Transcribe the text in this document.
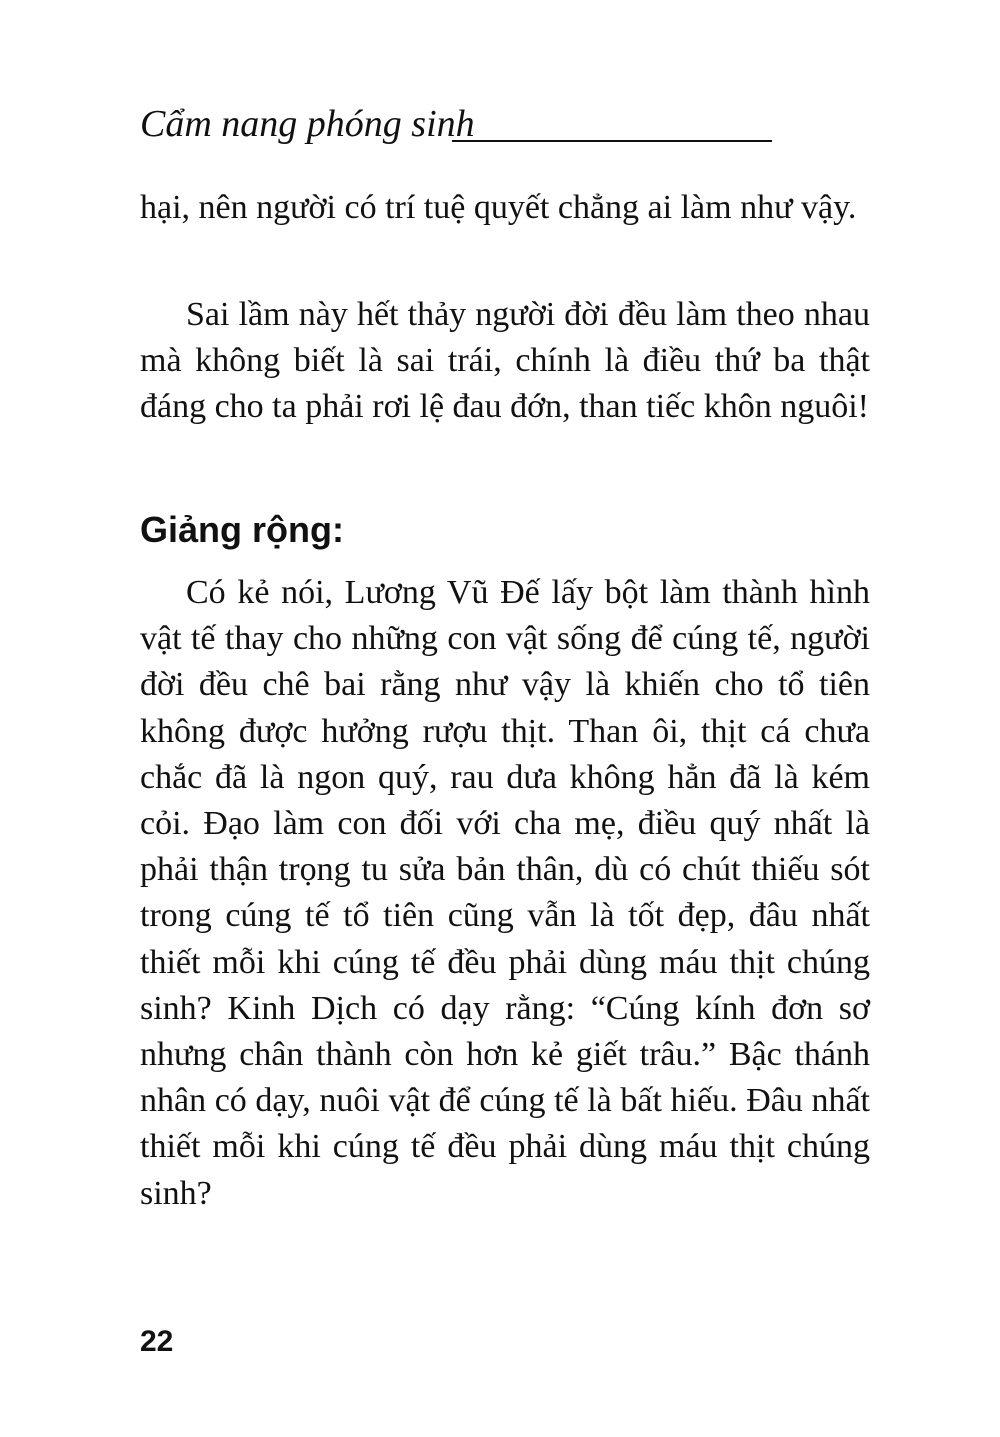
Cẩm nang phóng sinh

hại, nên người có trí tuệ quyết chẳng ai làm như vậy.

Sai lầm này hết thảy người đời đều làm theo nhau mà không biết là sai trái, chính là điều thứ ba thật đáng cho ta phải rơi lệ đau đớn, than tiếc khôn nguôi!

Giảng rộng:

Có kẻ nói, Lương Vũ Đế lấy bột làm thành hình vật tế thay cho những con vật sống để cúng tế, người đời đều chê bai rằng như vậy là khiến cho tổ tiên không được hưởng rượu thịt. Than ôi, thịt cá chưa chắc đã là ngon quý, rau dưa không hẳn đã là kém cỏi. Đạo làm con đối với cha mẹ, điều quý nhất là phải thận trọng tu sửa bản thân, dù có chút thiếu sót trong cúng tế tổ tiên cũng vẫn là tốt đẹp, đâu nhất thiết mỗi khi cúng tế đều phải dùng máu thịt chúng sinh? Kinh Dịch có dạy rằng: “Cúng kính đơn sơ nhưng chân thành còn hơn kẻ giết trâu.” Bậc thánh nhân có dạy, nuôi vật để cúng tế là bất hiếu. Đâu nhất thiết mỗi khi cúng tế đều phải dùng máu thịt chúng sinh?

22
